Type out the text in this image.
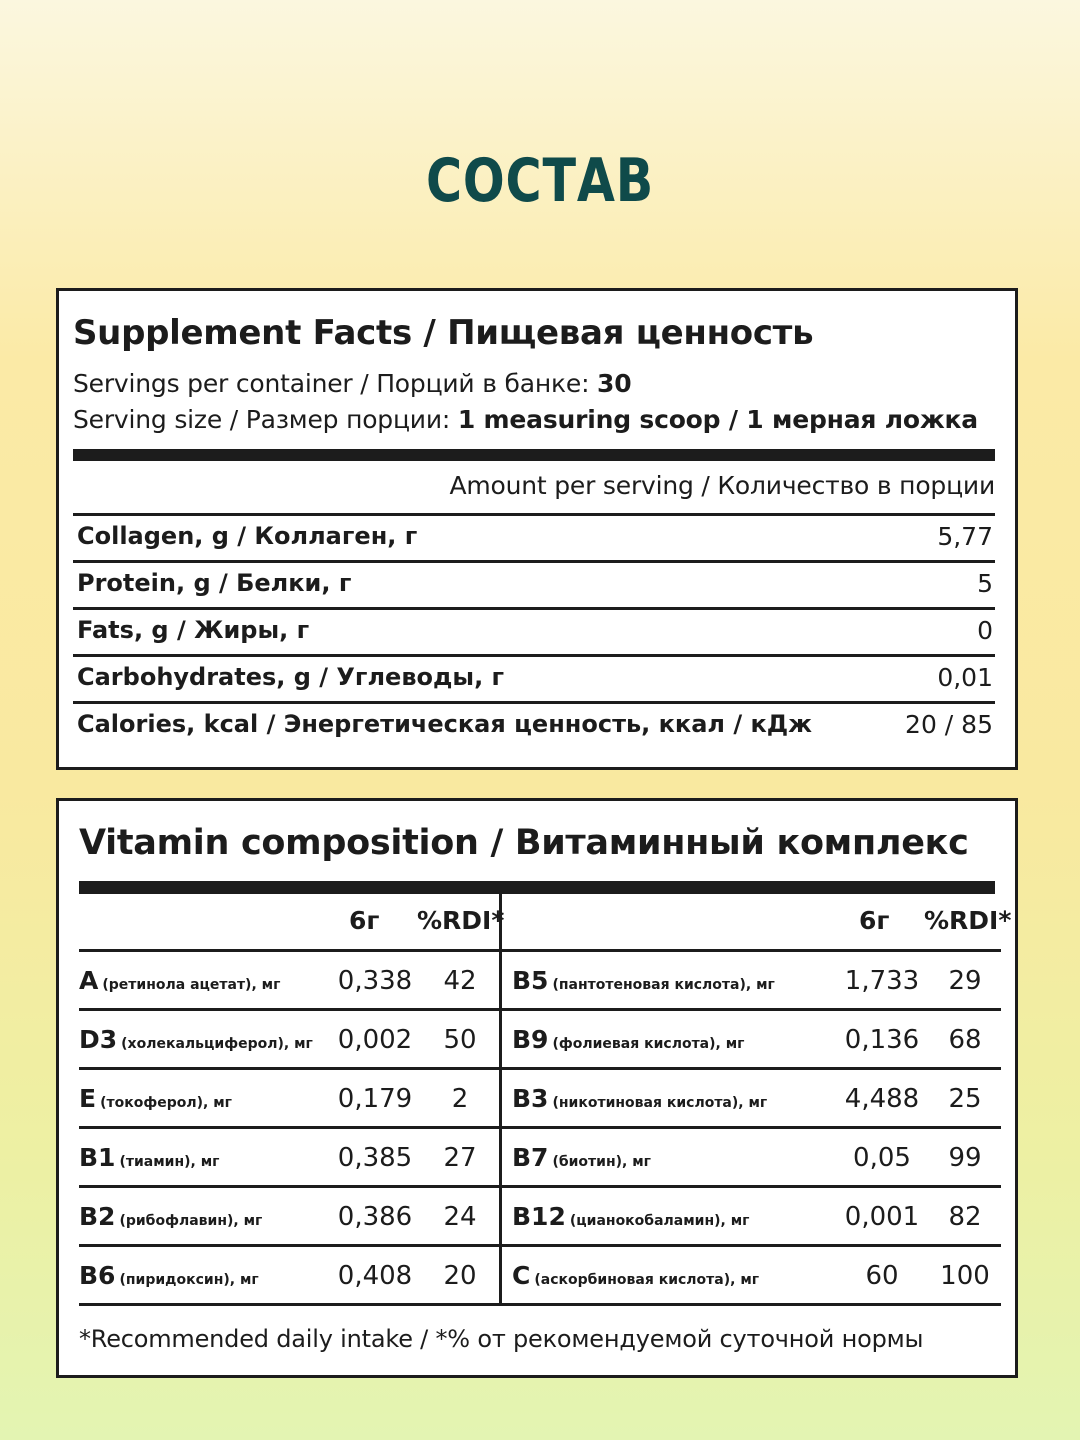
СОСТАВ
Supplement Facts / Пищевая ценность
Servings per container / Порций в банке: 30
Serving size / Размер порции: 1 measuring scoop / 1 мерная ложка
Amount per serving / Количество в порции
Collagen, g / Коллаген, г	5,77
Protein, g / Белки, г	5
Fats, g / Жиры, г	0
Carbohydrates, g / Углеводы, г	0,01
Calories, kcal / Энергетическая ценность, ккал / кДж	20 / 85
Vitamin composition / Витаминный комплекс
6г %RDI*
A (ретинола ацетат), мг	0,338	42
D3 (холекальциферол), мг 0,002	50
E (токоферол), мг	0,179	2
B1 (тиамин), мг	0,385	27
B2 (рибофлавин), мг	0,386	24
B6 (пиридоксин), мг	0,408	20
6г %RDI*
B5 (пантотеновая кислота), мг	1,733	29
B9 (фолиевая кислота), мг	0,136	68
B3 (никотиновая кислота), мг	4,488	25
B7 (биотин), мг	0,05	99
B12 (цианокобаламин), мг	0,001	82
C (аскорбиновая кислота), мг	60	100
*Recommended daily intake / *% от рекомендуемой суточной нормы
